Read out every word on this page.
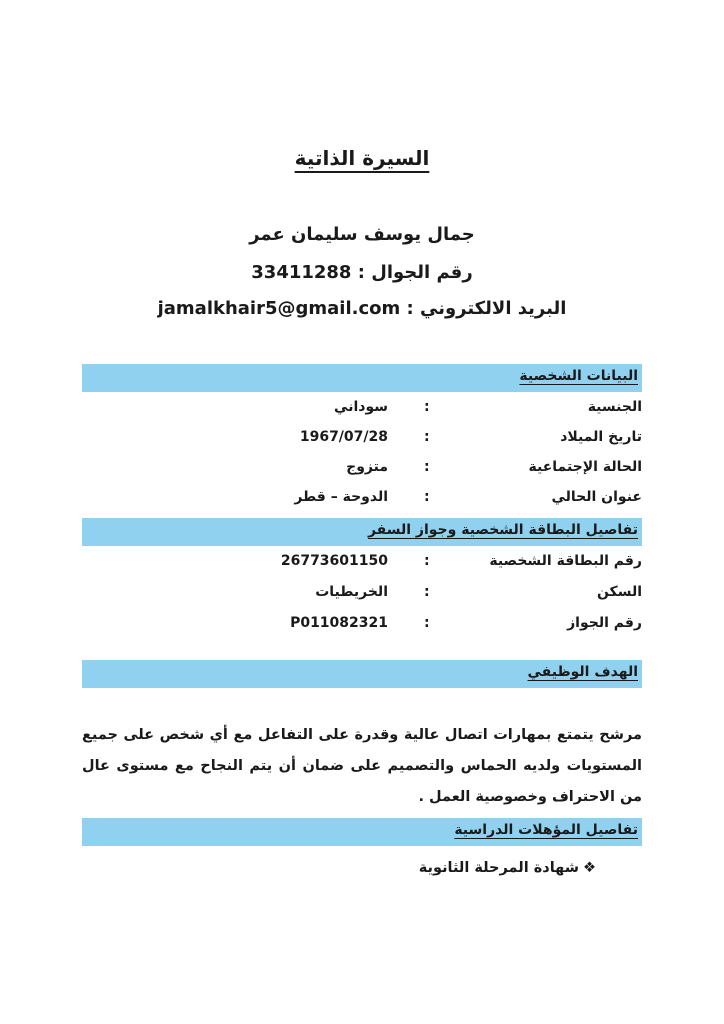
السيرة الذاتية
جمال يوسف سليمان عمر
رقم الجوال : 33411288
البريد الالكتروني : jamalkhair5@gmail.com
البيانات الشخصية
الجنسية
:
سوداني
تاريخ الميلاد
:
1967/07/28
الحالة الإجتماعية
:
متزوج
عنوان الحالي
:
الدوحة – قطر
تفاصيل البطاقة الشخصية وجواز السفر
رقم البطاقة الشخصية
:
26773601150
السكن
:
الخريطيات
رقم الجواز
:
P011082321
الهدف الوظيفي
مرشح يتمتع بمهارات اتصال عالية وقدرة على التفاعل مع أي شخص على جميع المستويات ولديه الحماس والتصميم على ضمان أن يتم النجاح مع مستوى عال من الاحتراف وخصوصية العمل .
تفاصيل المؤهلات الدراسية
❖شهادة المرحلة الثانوية
